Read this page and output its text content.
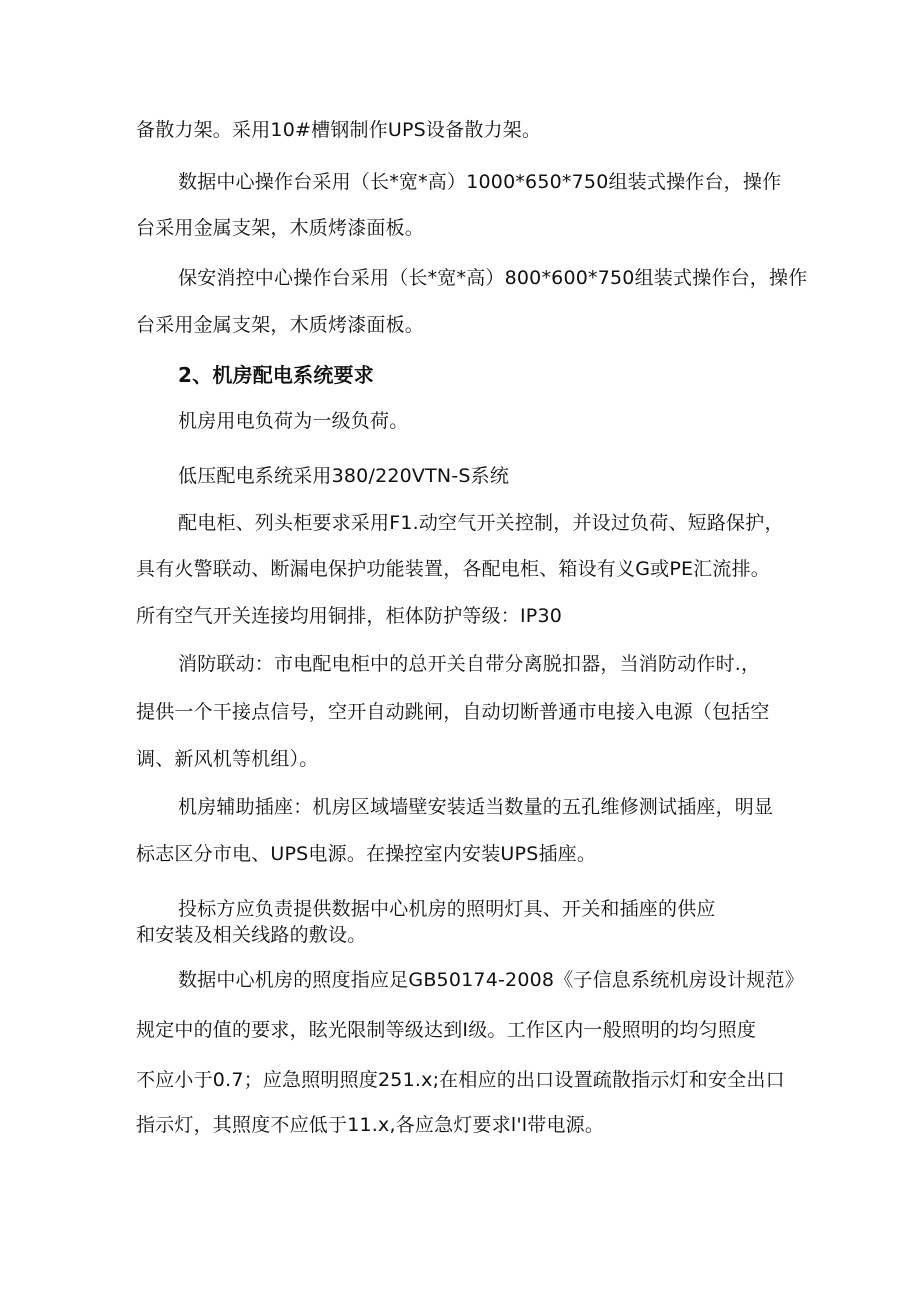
备散力架。采用10#槽钢制作UPS设备散力架。
数据中心操作台采用（长*宽*高）1000*650*750组装式操作台，操作
台采用金属支架，木质烤漆面板。
保安消控中心操作台采用（长*宽*高）800*600*750组装式操作台，操作
台采用金属支架，木质烤漆面板。
2、机房配电系统要求
机房用电负荷为一级负荷。
低压配电系统采用380/220VTN-S系统
配电柜、列头柜要求采用F1.动空气开关控制，并设过负荷、短路保护，
具有火警联动、断漏电保护功能装置，各配电柜、箱设有义G或PE汇流排。
所有空气开关连接均用铜排，柜体防护等级：IP30
消防联动：市电配电柜中的总开关自带分离脱扣器，当消防动作时.，
提供一个干接点信号，空开自动跳闸，自动切断普通市电接入电源（包括空
调、新风机等机组）。
机房辅助插座：机房区域墙壁安装适当数量的五孔维修测试插座，明显
标志区分市电、UPS电源。在操控室内安装UPS插座。
投标方应负责提供数据中心机房的照明灯具、开关和插座的供应
和安装及相关线路的敷设。
数据中心机房的照度指应足GB50174-2008《子信息系统机房设计规范》
规定中的值的要求，眩光限制等级达到I级。工作区内一般照明的均匀照度
不应小于0.7；应急照明照度251.x;在相应的出口设置疏散指示灯和安全出口
指示灯，其照度不应低于11.x,各应急灯要求l'l带电源。
